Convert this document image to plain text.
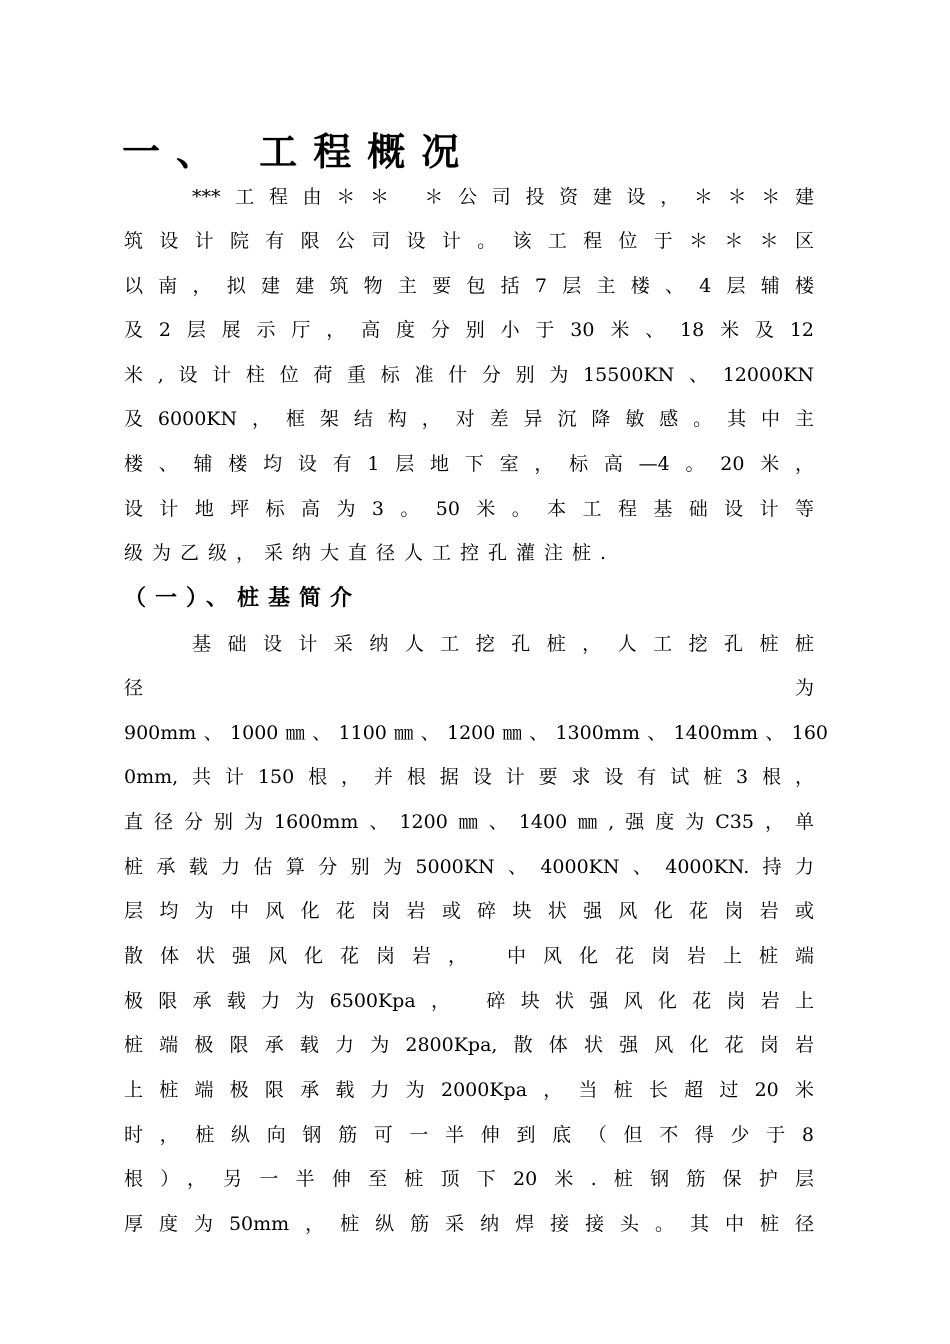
一、 工程概况
***工程由＊＊ ＊公司投资建设，＊＊＊建
筑设计院有限公司设计。该工程位于＊＊＊区
以南，拟建建筑物主要包括7层主楼、4层辅楼
及2层展示厅，高度分别小于30米、18米及12
米,设计柱位荷重标准什分别为15500KN、12000KN
及6000KN，框架结构，对差异沉降敏感。其中主
楼、辅楼均设有1层地下室，标高—4。20米，
设计地坪标高为3。50米。本工程基础设计等
级为乙级，采纳大直径人工控孔灌注桩.
（一）、桩基简介
基础设计采纳人工挖孔桩，人工挖孔桩桩
径 为
900mm、1000㎜、1100㎜、1200㎜、1300mm、1400mm、160
0mm,共计150根，并根据设计要求设有试桩3根，
直径分别为1600mm、1200㎜、1400㎜,强度为C35，单
桩承载力估算分别为5000KN、4000KN、4000KN.持力
层均为中风化花岗岩或碎块状强风化花岗岩或
散体状强风化花岗岩， 中风化花岗岩上桩端
极限承载力为6500Kpa， 碎块状强风化花岗岩上
桩端极限承载力为2800Kpa,散体状强风化花岗岩
上桩端极限承载力为2000Kpa，当桩长超过20米
时，桩纵向钢筋可一半伸到底（但不得少于8
根），另一半伸至桩顶下20米.桩钢筋保护层
厚度为50mm，桩纵筋采纳焊接接头。其中桩径
